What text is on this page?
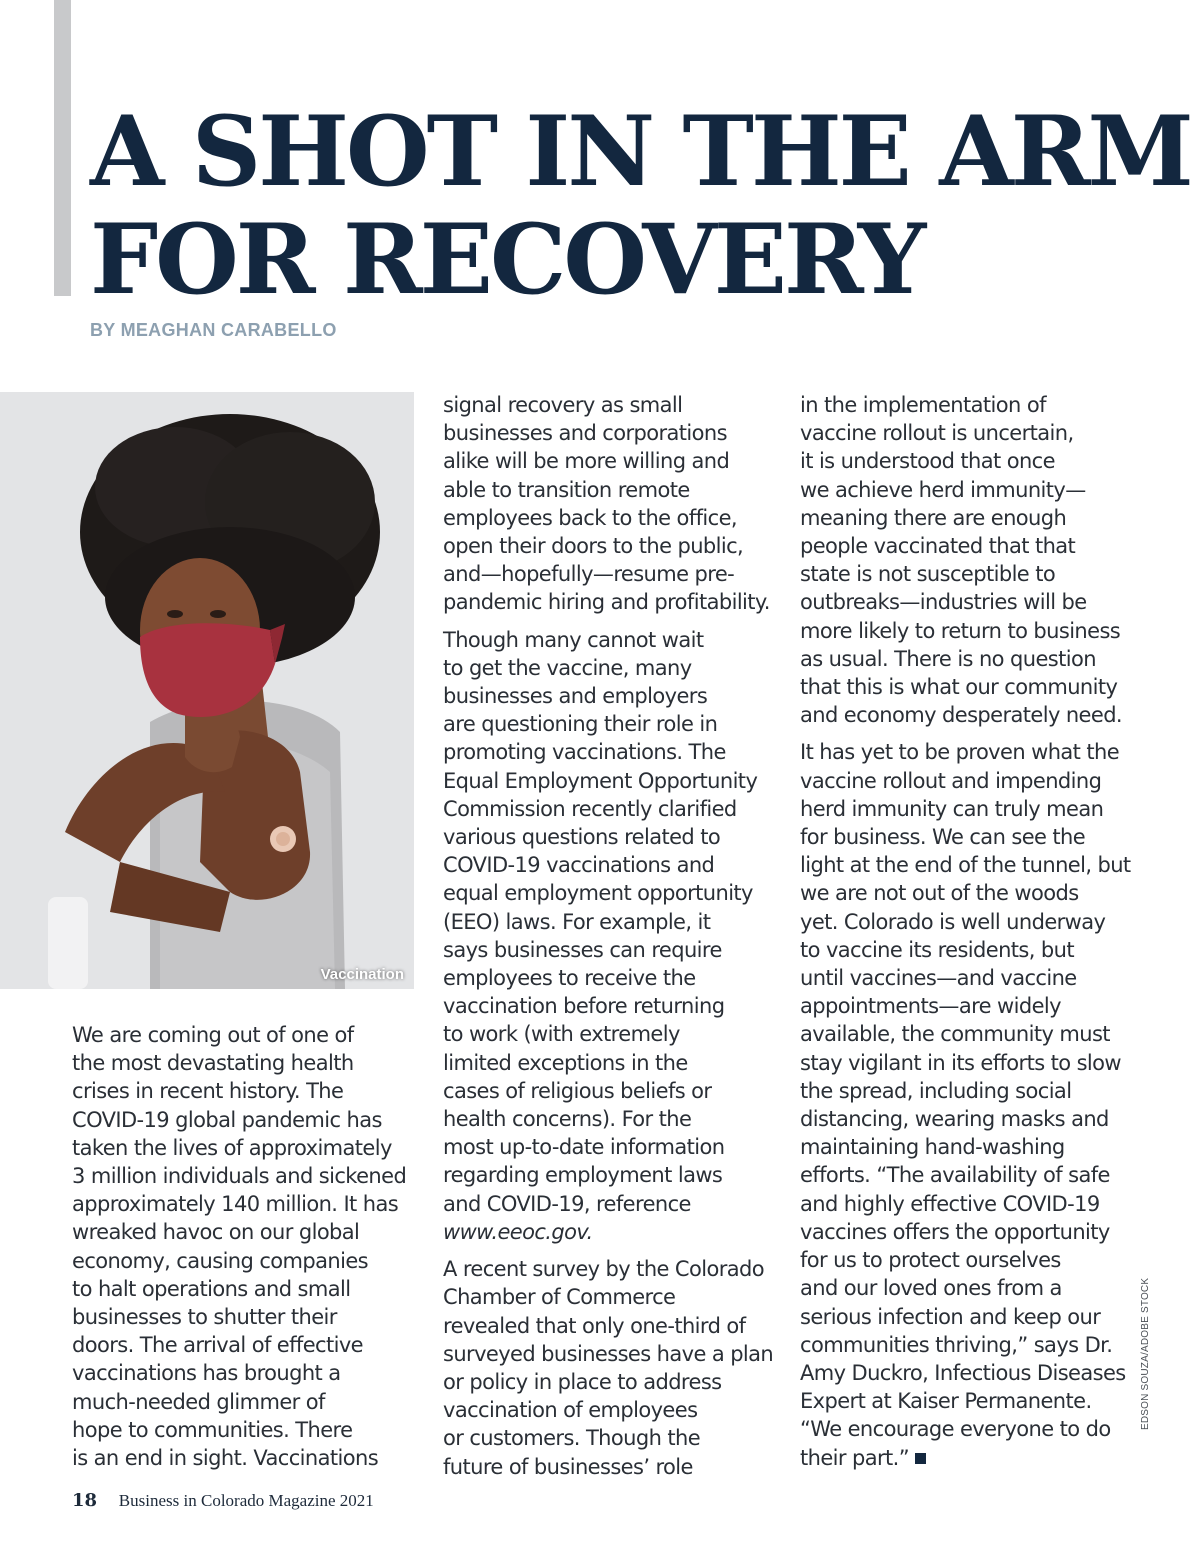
A SHOT IN THE ARM
FOR RECOVERY

BY MEAGHAN CARABELLO

Vaccination

We are coming out of one of
the most devastating health
crises in recent history. The
COVID-19 global pandemic has
taken the lives of approximately
3 million individuals and sickened
approximately 140 million. It has
wreaked havoc on our global
economy, causing companies
to halt operations and small
businesses to shutter their
doors. The arrival of effective
vaccinations has brought a
much-needed glimmer of
hope to communities. There
is an end in sight. Vaccinations

signal recovery as small
businesses and corporations
alike will be more willing and
able to transition remote
employees back to the office,
open their doors to the public,
and—hopefully—resume pre-
pandemic hiring and profitability.

Though many cannot wait
to get the vaccine, many
businesses and employers
are questioning their role in
promoting vaccinations. The
Equal Employment Opportunity
Commission recently clarified
various questions related to
COVID-19 vaccinations and
equal employment opportunity
(EEO) laws. For example, it
says businesses can require
employees to receive the
vaccination before returning
to work (with extremely
limited exceptions in the
cases of religious beliefs or
health concerns). For the
most up-to-date information
regarding employment laws
and COVID-19, reference
www.eeoc.gov.

A recent survey by the Colorado
Chamber of Commerce
revealed that only one-third of
surveyed businesses have a plan
or policy in place to address
vaccination of employees
or customers. Though the
future of businesses’ role

in the implementation of
vaccine rollout is uncertain,
it is understood that once
we achieve herd immunity—
meaning there are enough
people vaccinated that that
state is not susceptible to
outbreaks—industries will be
more likely to return to business
as usual. There is no question
that this is what our community
and economy desperately need.

It has yet to be proven what the
vaccine rollout and impending
herd immunity can truly mean
for business. We can see the
light at the end of the tunnel, but
we are not out of the woods
yet. Colorado is well underway
to vaccine its residents, but
until vaccines—and vaccine
appointments—are widely
available, the community must
stay vigilant in its efforts to slow
the spread, including social
distancing, wearing masks and
maintaining hand-washing
efforts. “The availability of safe
and highly effective COVID-19
vaccines offers the opportunity
for us to protect ourselves
and our loved ones from a
serious infection and keep our
communities thriving,” says Dr.
Amy Duckro, Infectious Diseases
Expert at Kaiser Permanente.
“We encourage everyone to do
their part.”

EDSON SOUZA/ADOBE STOCK
18 Business in Colorado Magazine 2021
